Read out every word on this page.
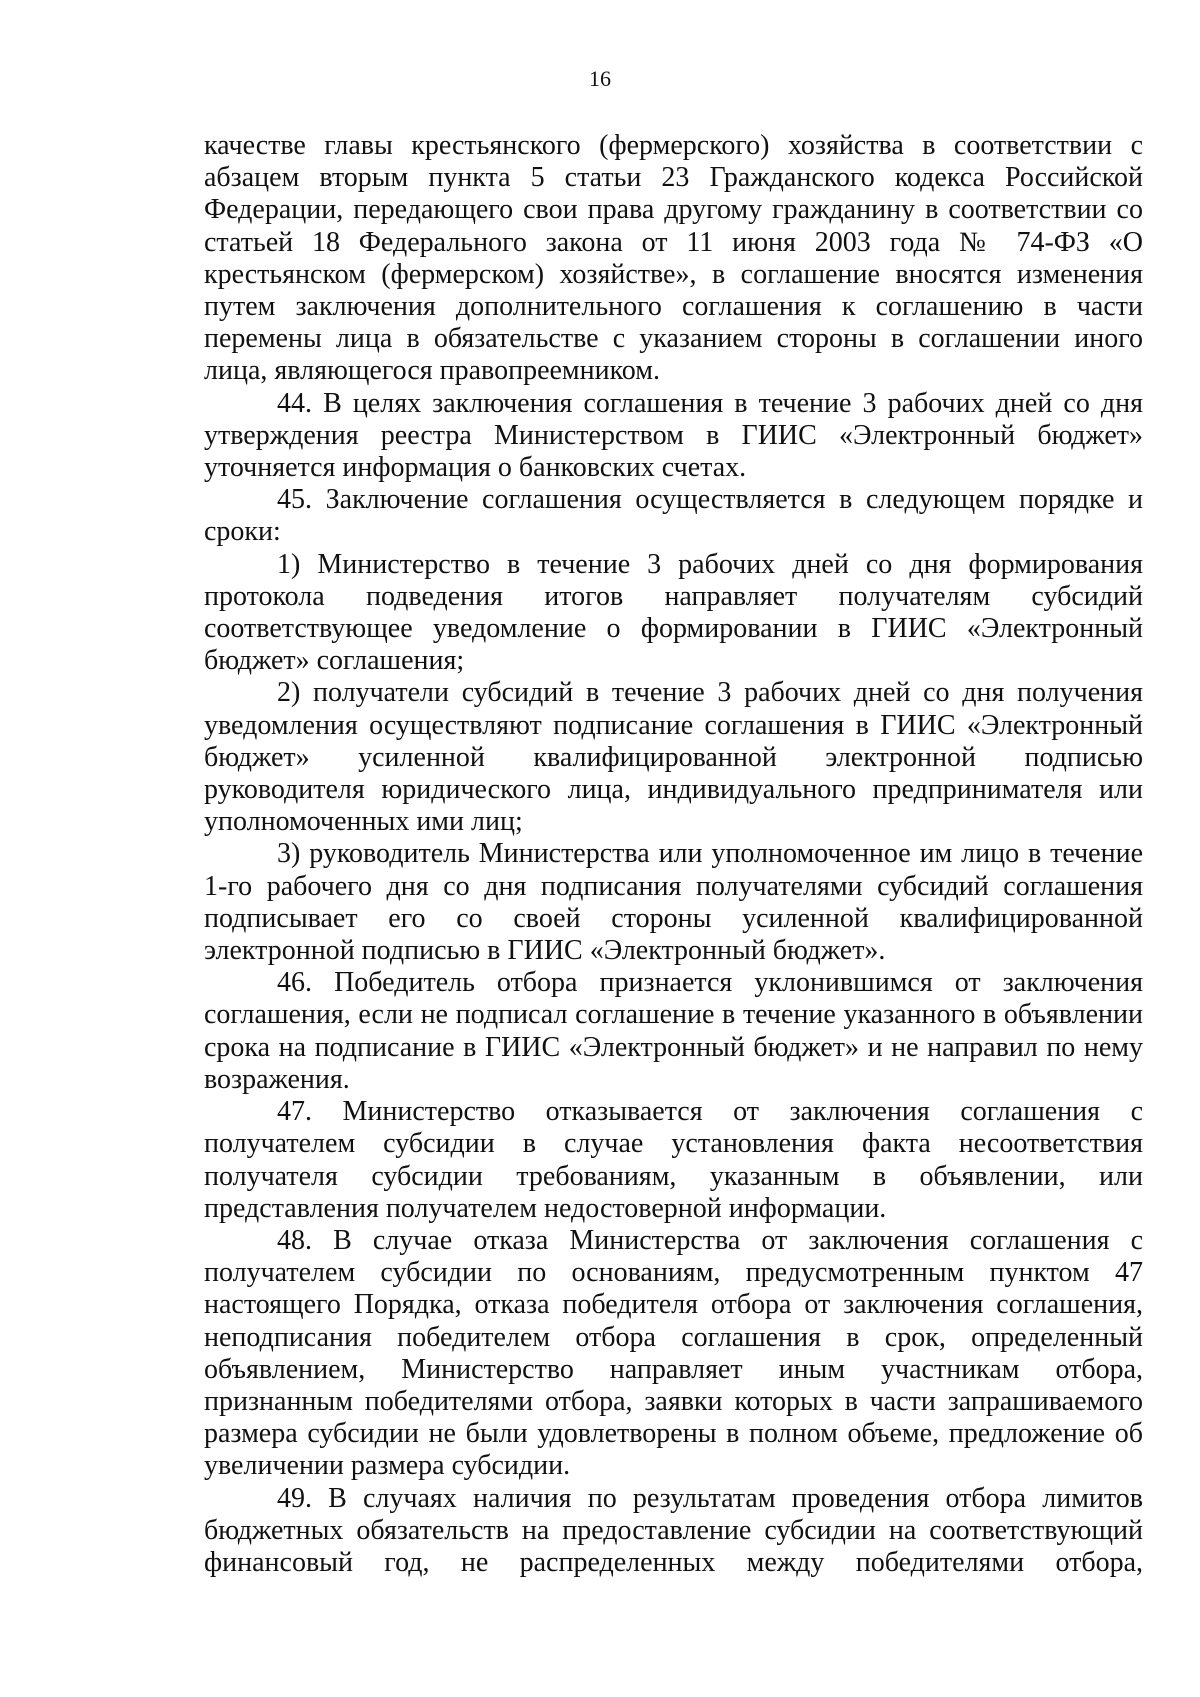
16

качестве главы крестьянского (фермерского) хозяйства в соответствии с абзацем вторым пункта 5 статьи 23 Гражданского кодекса Российской Федерации, передающего свои права другому гражданину в соответствии со статьей 18 Федерального закона от 11 июня 2003 года № 74-ФЗ «О крестьянском (фермерском) хозяйстве», в соглашение вносятся изменения путем заключения дополнительного соглашения к соглашению в части перемены лица в обязательстве с указанием стороны в соглашении иного лица, являющегося правопреемником.

44. В целях заключения соглашения в течение 3 рабочих дней со дня утверждения реестра Министерством в ГИИС «Электронный бюджет» уточняется информация о банковских счетах.

45. Заключение соглашения осуществляется в следующем порядке и сроки:

1) Министерство в течение 3 рабочих дней со дня формирования протокола подведения итогов направляет получателям субсидий соответствующее уведомление о формировании в ГИИС «Электронный бюджет» соглашения;

2) получатели субсидий в течение 3 рабочих дней со дня получения уведомления осуществляют подписание соглашения в ГИИС «Электронный бюджет» усиленной квалифицированной электронной подписью руководителя юридического лица, индивидуального предпринимателя или уполномоченных ими лиц;

3) руководитель Министерства или уполномоченное им лицо в течение 1-го рабочего дня со дня подписания получателями субсидий соглашения подписывает его со своей стороны усиленной квалифицированной электронной подписью в ГИИС «Электронный бюджет».

46. Победитель отбора признается уклонившимся от заключения соглашения, если не подписал соглашение в течение указанного в объявлении срока на подписание в ГИИС «Электронный бюджет» и не направил по нему возражения.

47. Министерство отказывается от заключения соглашения с получателем субсидии в случае установления факта несоответствия получателя субсидии требованиям, указанным в объявлении, или представления получателем недостоверной информации.

48. В случае отказа Министерства от заключения соглашения с получателем субсидии по основаниям, предусмотренным пунктом 47 настоящего Порядка, отказа победителя отбора от заключения соглашения, неподписания победителем отбора соглашения в срок, определенный объявлением, Министерство направляет иным участникам отбора, признанным победителями отбора, заявки которых в части запрашиваемого размера субсидии не были удовлетворены в полном объеме, предложение об увеличении размера субсидии.

49. В случаях наличия по результатам проведения отбора лимитов бюджетных обязательств на предоставление субсидии на соответствующий финансовый год, не распределенных между победителями отбора,
